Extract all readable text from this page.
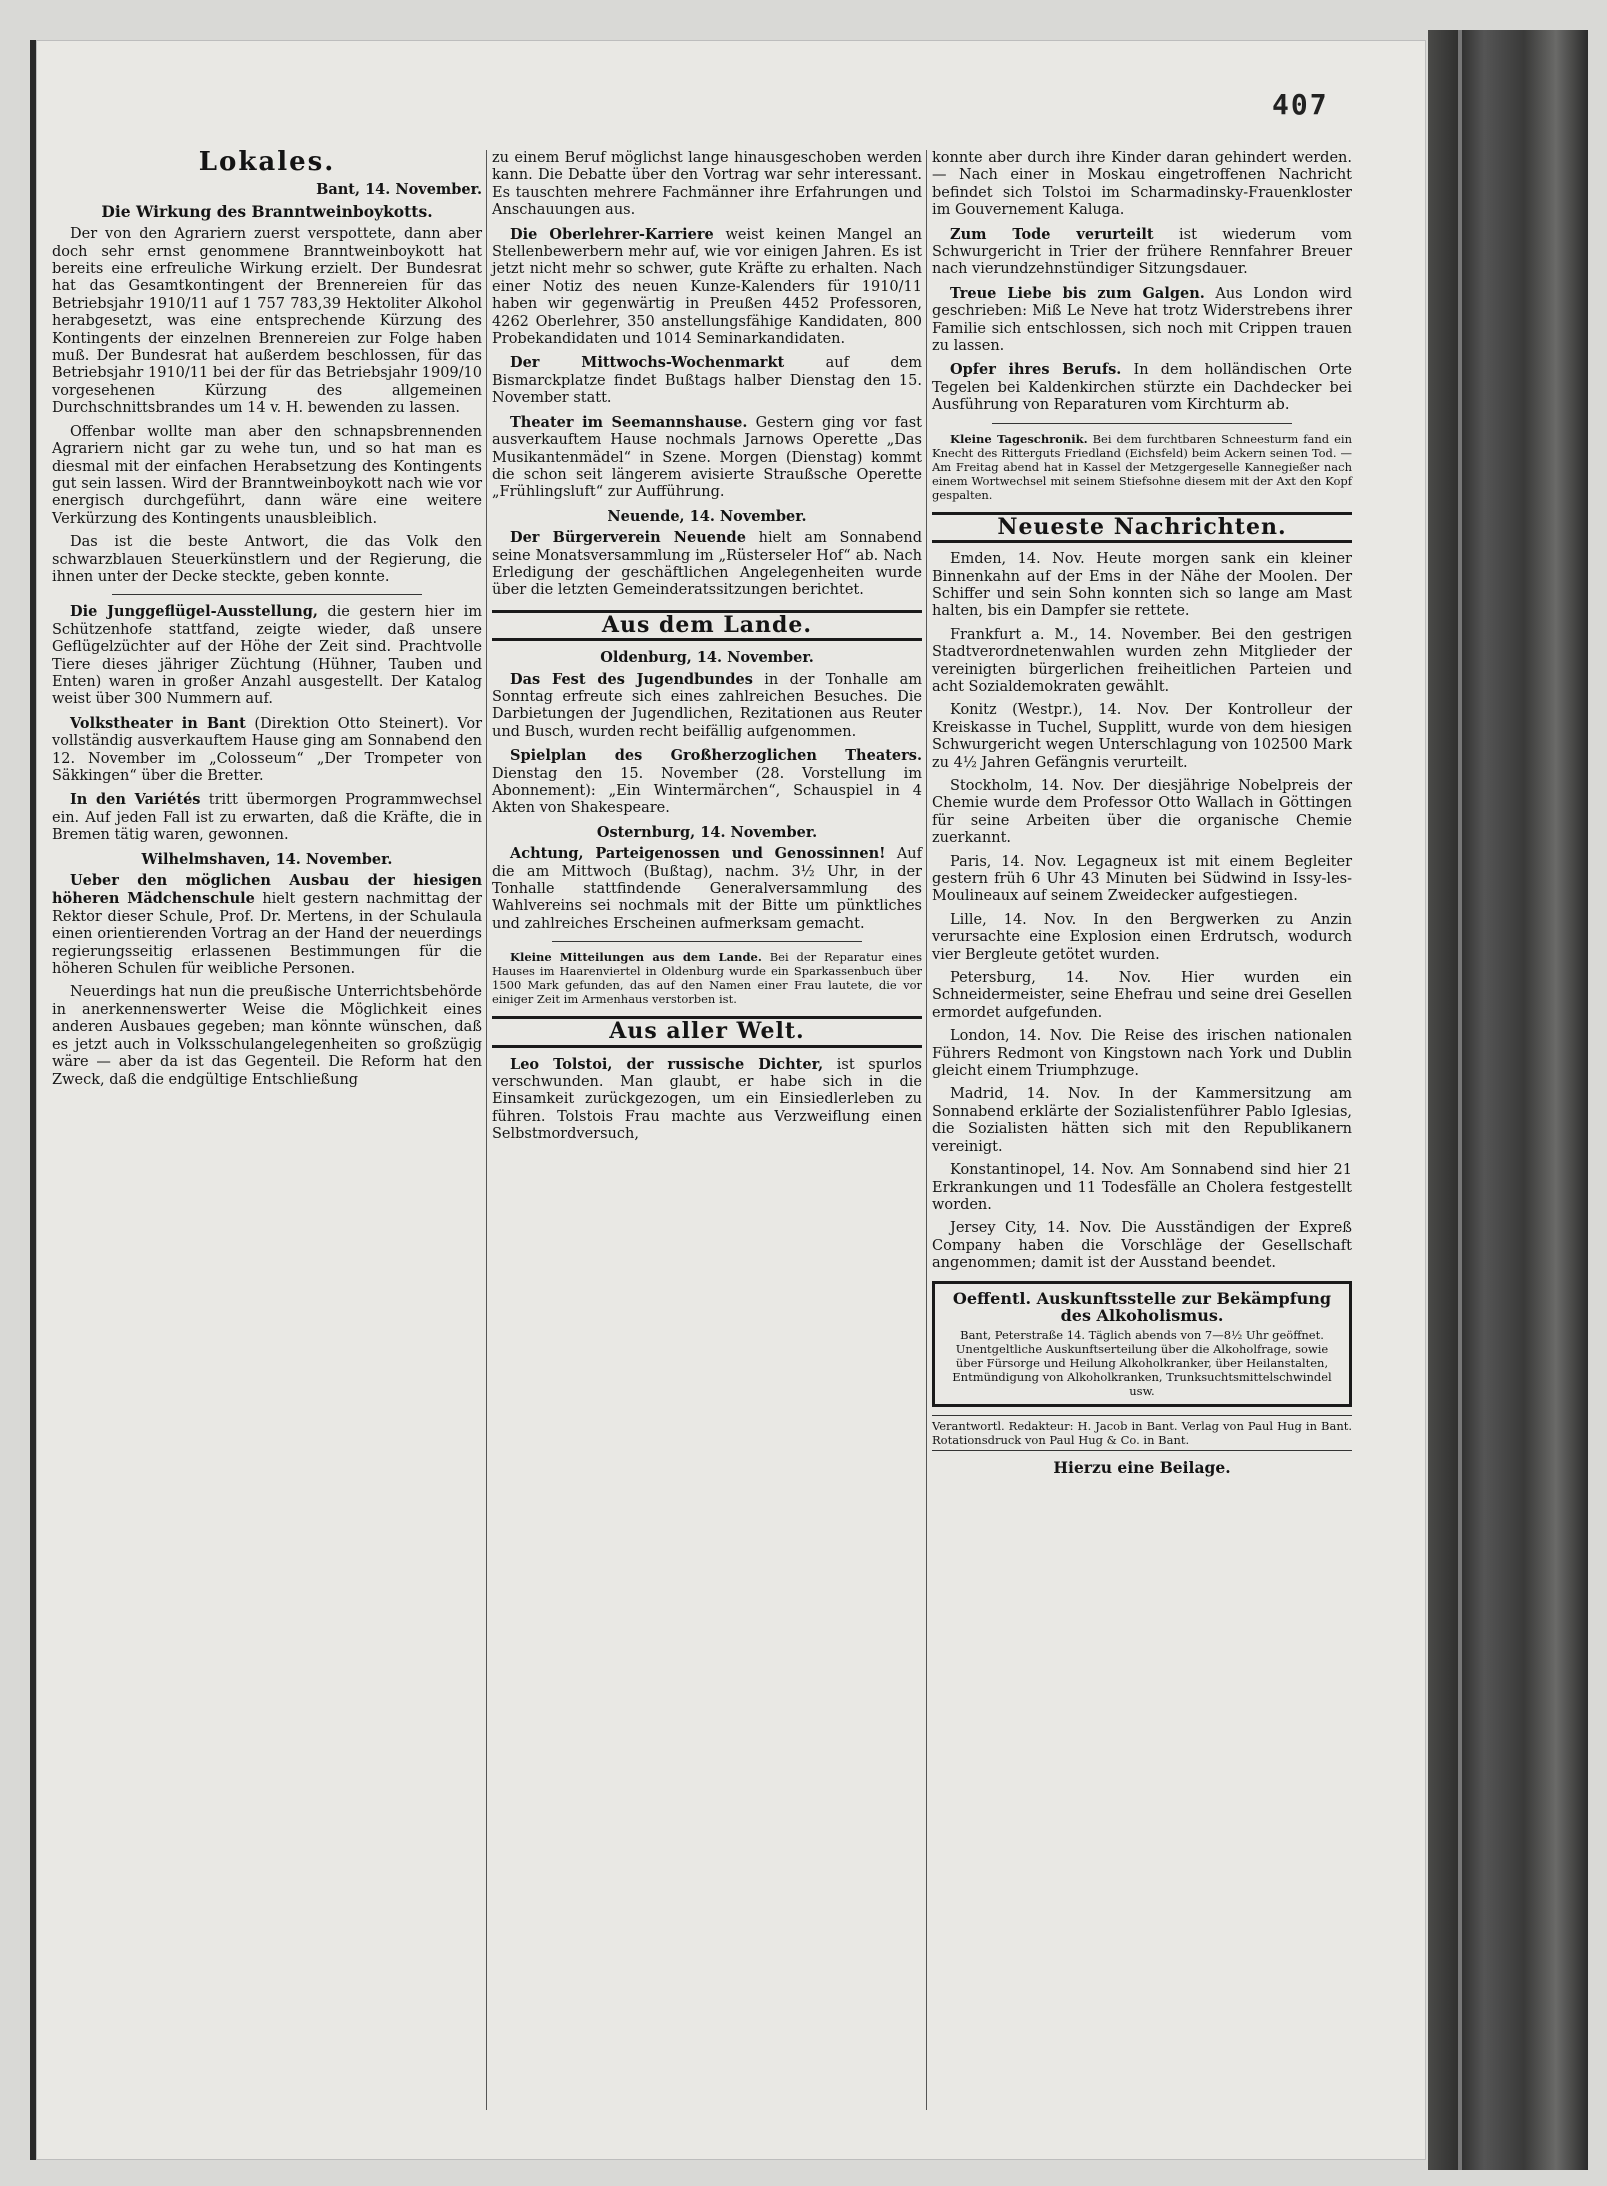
407
Lokales.
Bant, 14. November.
Die Wirkung des Branntweinboykotts.

Der von den Agrariern zuerst verspottete, dann aber doch sehr ernst genommene Branntweinboykott hat bereits eine erfreuliche Wirkung erzielt. Der Bundesrat hat das Gesamtkontingent der Brennereien für das Betriebsjahr 1910/11 auf 1 757 783,39 Hektoliter Alkohol herabgesetzt, was eine entsprechende Kürzung des Kontingents der einzelnen Brennereien zur Folge haben muß. Der Bundesrat hat außerdem beschlossen, für das Betriebsjahr 1910/11 bei der für das Betriebsjahr 1909/10 vorgesehenen Kürzung des allgemeinen Durchschnittsbrandes um 14 v. H. bewenden zu lassen.

Offenbar wollte man aber den schnapsbrennenden Agrariern nicht gar zu wehe tun, und so hat man es diesmal mit der einfachen Herabsetzung des Kontingents gut sein lassen. Wird der Branntweinboykott nach wie vor energisch durchgeführt, dann wäre eine weitere Verkürzung des Kontingents unausbleiblich.

Das ist die beste Antwort, die das Volk den schwarzblauen Steuerkünstlern und der Regierung, die ihnen unter der Decke steckte, geben konnte.

Die Junggeflügel-Ausstellung, die gestern hier im Schützenhofe stattfand, zeigte wieder, daß unsere Geflügelzüchter auf der Höhe der Zeit sind. Prachtvolle Tiere dieses jähriger Züchtung (Hühner, Tauben und Enten) waren in großer Anzahl ausgestellt. Der Katalog weist über 300 Nummern auf.

Volkstheater in Bant (Direktion Otto Steinert). Vor vollständig ausverkauftem Hause ging am Sonnabend den 12. November im „Colosseum“ „Der Trompeter von Säkkingen“ über die Bretter.

In den Variétés tritt übermorgen Programmwechsel ein. Auf jeden Fall ist zu erwarten, daß die Kräfte, die in Bremen tätig waren, gewonnen.

Wilhelmshaven, 14. November.

Ueber den möglichen Ausbau der hiesigen höheren Mädchenschule hielt gestern nachmittag der Rektor dieser Schule, Prof. Dr. Mertens, in der Schulaula einen orientierenden Vortrag an der Hand der neuerdings regierungsseitig erlassenen Bestimmungen für die höheren Schulen für weibliche Personen.

Neuerdings hat nun die preußische Unterrichtsbehörde in anerkennenswerter Weise die Möglichkeit eines anderen Ausbaues gegeben; man könnte wünschen, daß es jetzt auch in Volksschulangelegenheiten so großzügig wäre — aber da ist das Gegenteil. Die Reform hat den Zweck, daß die endgültige Entschließung

zu einem Beruf möglichst lange hinausgeschoben werden kann. Die Debatte über den Vortrag war sehr interessant. Es tauschten mehrere Fachmänner ihre Erfahrungen und Anschauungen aus.

Die Oberlehrer-Karriere weist keinen Mangel an Stellenbewerbern mehr auf, wie vor einigen Jahren. Es ist jetzt nicht mehr so schwer, gute Kräfte zu erhalten. Nach einer Notiz des neuen Kunze-Kalenders für 1910/11 haben wir gegenwärtig in Preußen 4452 Professoren, 4262 Oberlehrer, 350 anstellungsfähige Kandidaten, 800 Probekandidaten und 1014 Seminarkandidaten.

Der Mittwochs-Wochenmarkt	auf dem Bismarckplatze findet Bußtags halber Dienstag den 15. November statt.

Theater im Seemannshause. Gestern ging vor fast ausverkauftem Hause nochmals Jarnows Operette „Das Musikantenmädel“ in Szene. Morgen (Dienstag) kommt die schon seit längerem avisierte Straußsche Operette „Frühlingsluft“ zur Aufführung.

Neuende, 14. November.

Der Bürgerverein Neuende hielt am Sonnabend seine Monatsversammlung im „Rüsterseler Hof“ ab. Nach Erledigung der geschäftlichen Angelegenheiten wurde über die letzten Gemeinderatssitzungen berichtet.

Aus dem Lande.
Oldenburg, 14. November.

Das Fest des Jugendbundes in der Tonhalle am Sonntag erfreute sich eines zahlreichen Besuches. Die Darbietungen der Jugendlichen, Rezitationen aus Reuter und Busch, wurden recht beifällig aufgenommen.

Spielplan des Großherzoglichen Theaters. Dienstag den 15. November (28. Vorstellung im Abonnement): „Ein Wintermärchen“, Schauspiel in 4 Akten von Shakespeare.

Osternburg, 14. November.

Achtung, Parteigenossen und Genossinnen! Auf die am Mittwoch (Bußtag), nachm. 3½ Uhr, in der Tonhalle stattfindende Generalversammlung des Wahlvereins sei nochmals mit der Bitte um pünktliches und zahlreiches Erscheinen aufmerksam gemacht.

Kleine Mitteilungen aus dem Lande. Bei der Reparatur eines Hauses im Haarenviertel in Oldenburg wurde ein Sparkassenbuch über 1500 Mark gefunden, das auf den Namen einer Frau lautete, die vor einiger Zeit im Armenhaus verstorben ist.

Aus aller Welt.

Leo Tolstoi, der russische Dichter, ist spurlos verschwunden. Man glaubt, er habe sich in die Einsamkeit zurückgezogen, um ein Einsiedlerleben zu führen. Tolstois Frau machte aus Verzweiflung einen Selbstmordversuch,

konnte aber durch ihre Kinder daran gehindert werden. — Nach einer in Moskau eingetroffenen Nachricht befindet sich Tolstoi im Scharmadinsky-Frauenkloster im Gouvernement Kaluga.

Zum Tode verurteilt ist wiederum vom Schwurgericht in Trier der frühere Rennfahrer Breuer nach vierundzehnstündiger Sitzungsdauer.

Treue Liebe bis zum Galgen. Aus London wird geschrieben: Miß Le Neve hat trotz Widerstrebens ihrer Familie sich entschlossen, sich noch mit Crippen trauen zu lassen.

Opfer ihres Berufs. In dem holländischen Orte Tegelen bei Kaldenkirchen stürzte ein Dachdecker bei Ausführung von Reparaturen vom Kirchturm ab.

Kleine Tageschronik. Bei dem furchtbaren Schneesturm fand ein Knecht des Ritterguts Friedland (Eichsfeld) beim Ackern seinen Tod. — Am Freitag abend hat in Kassel der Metzgergeselle Kannegießer nach einem Wortwechsel mit seinem Stiefsohne diesem mit der Axt den Kopf gespalten.

Neueste Nachrichten.

Emden, 14. Nov. Heute morgen sank ein kleiner Binnenkahn auf der Ems in der Nähe der Moolen. Der Schiffer und sein Sohn konnten sich so lange am Mast halten, bis ein Dampfer sie rettete.

Frankfurt a. M., 14. November. Bei den gestrigen Stadtverordnetenwahlen wurden zehn Mitglieder der vereinigten bürgerlichen freiheitlichen Parteien und acht Sozialdemokraten gewählt.

Konitz (Westpr.), 14. Nov. Der Kontrolleur der Kreiskasse in Tuchel, Supplitt, wurde von dem hiesigen Schwurgericht wegen Unterschlagung von 102500 Mark zu 4½ Jahren Gefängnis verurteilt.

Stockholm, 14. Nov. Der diesjährige Nobelpreis der Chemie wurde dem Professor Otto Wallach in Göttingen für seine Arbeiten über die organische Chemie zuerkannt.

Paris, 14. Nov. Legagneux ist mit einem Begleiter gestern früh 6 Uhr 43 Minuten bei Südwind in Issy-les-Moulineaux auf seinem Zweidecker aufgestiegen.

Lille, 14. Nov. In den Bergwerken zu Anzin verursachte eine Explosion einen Erdrutsch, wodurch vier Bergleute getötet wurden.

Petersburg, 14. Nov. Hier wurden ein Schneidermeister, seine Ehefrau und seine drei Gesellen ermordet aufgefunden.

London, 14. Nov. Die Reise des irischen nationalen Führers Redmont von Kingstown nach York und Dublin gleicht einem Triumphzuge.

Madrid, 14. Nov. In der Kammersitzung am Sonnabend erklärte der Sozialistenführer Pablo Iglesias, die Sozialisten hätten sich mit den Republikanern vereinigt.

Konstantinopel, 14. Nov. Am Sonnabend sind hier 21 Erkrankungen und 11 Todesfälle an Cholera festgestellt worden.

Jersey City, 14. Nov. Die Ausständigen der Expreß Company haben die Vorschläge der Gesellschaft angenommen; damit ist der Ausstand beendet.

Oeffentl. Auskunftsstelle zur Bekämpfung des Alkoholismus.
Bant, Peterstraße 14. Täglich abends von 7—8½ Uhr geöffnet. Unentgeltliche Auskunftserteilung über die Alkoholfrage, sowie über Fürsorge und Heilung Alkoholkranker, über Heilanstalten, Entmündigung von Alkoholkranken, Trunksuchtsmittelschwindel usw.
Verantwortl. Redakteur: H. Jacob in Bant. Verlag von Paul Hug in Bant. Rotationsdruck von Paul Hug & Co. in Bant.
Hierzu eine Beilage.
